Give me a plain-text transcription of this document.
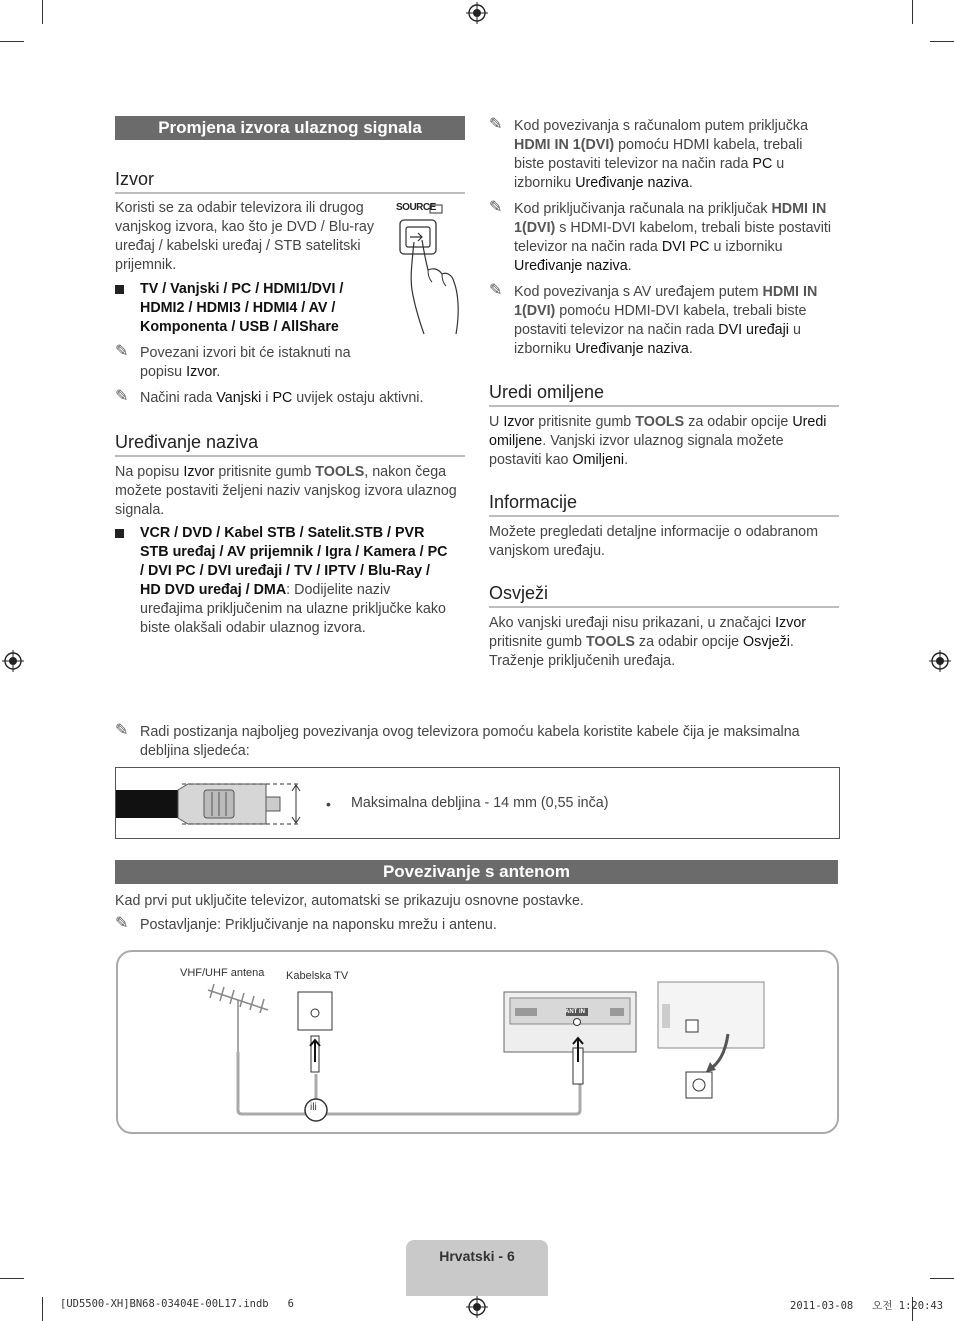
Promjena izvora ulaznog signala
Izvor
Koristi se za odabir televizora ili drugog vanjskog izvora, kao što je DVD / Blu-ray uređaj / kabelski uređaj / STB satelitski prijemnik.
SOURCE
TV / Vanjski / PC / HDMI1/DVI / HDMI2 / HDMI3 / HDMI4 / AV / Komponenta / USB / AllShare
✎ Povezani izvori bit će istaknuti na popisu Izvor.
✎ Načini rada Vanjski i PC uvijek ostaju aktivni.
Uređivanje naziva
Na popisu Izvor pritisnite gumb TOOLS, nakon čega možete postaviti željeni naziv vanjskog izvora ulaznog signala.
VCR / DVD / Kabel STB / Satelit.STB / PVR STB uređaj / AV prijemnik / Igra / Kamera / PC / DVI PC / DVI uređaji / TV / IPTV / Blu-Ray / HD DVD uređaj / DMA: Dodijelite naziv uređajima priključenim na ulazne priključke kako biste olakšali odabir ulaznog izvora.
✎ Kod povezivanja s računalom putem priključka HDMI IN 1(DVI) pomoću HDMI kabela, trebali biste postaviti televizor na način rada PC u izborniku Uređivanje naziva.
✎ Kod priključivanja računala na priključak HDMI IN 1(DVI) s HDMI-DVI kabelom, trebali biste postaviti televizor na način rada DVI PC u izborniku Uređivanje naziva.
✎ Kod povezivanja s AV uređajem putem HDMI IN 1(DVI) pomoću HDMI-DVI kabela, trebali biste postaviti televizor na način rada DVI uređaji u izborniku Uređivanje naziva.
Uredi omiljene
U Izvor pritisnite gumb TOOLS za odabir opcije Uredi omiljene. Vanjski izvor ulaznog signala možete postaviti kao Omiljeni.
Informacije
Možete pregledati detaljne informacije o odabranom vanjskom uređaju.
Osvježi
Ako vanjski uređaji nisu prikazani, u značajci Izvor pritisnite gumb TOOLS za odabir opcije Osvježi. Traženje priključenih uređaja.
✎ Radi postizanja najboljeg povezivanja ovog televizora pomoću kabela koristite kabele čija je maksimalna debljina sljedeća:
• Maksimalna debljina - 14 mm (0,55 inča)
Povezivanje s antenom
Kad prvi put uključite televizor, automatski se prikazuju osnovne postavke.
✎ Postavljanje: Priključivanje na naponsku mrežu i antenu.
VHF/UHF antena Kabelska TV
ili
ANT IN
Hrvatski - 6
[UD5500-XH]BN68-03404E-00L17.indb   6	2011-03-08   오전 1:20:43
